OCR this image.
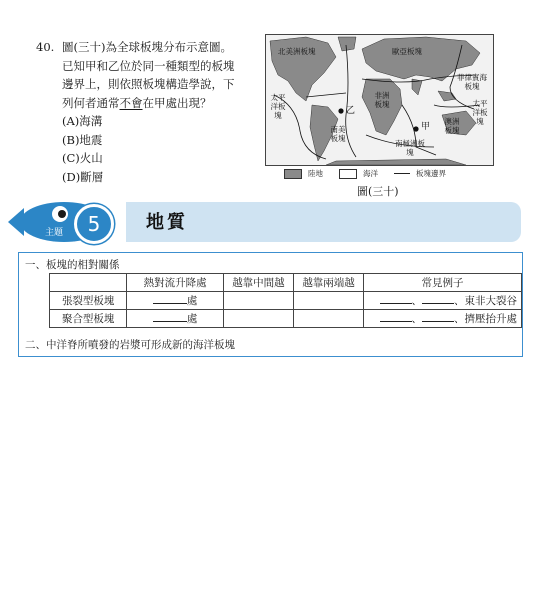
40. 圖(三十)為全球板塊分布示意圖。
已知甲和乙位於同一種類型的板塊
邊界上，則依照板塊構造學說，下
列何者通常不會在甲處出現？
(A)海溝
(B)地震
(C)火山
(D)斷層
北美洲板塊	歐亞板塊
太平洋板塊
非洲板塊
南美板塊
菲律賓海板塊
太平洋板塊
澳洲板塊
南極洲板塊
乙
甲
陸地	海洋	板塊邊界
圖(三十)
5
主題	地質
一、板塊的相對關係
	熱對流升降處	越靠中間越	越靠兩端越	常見例子
張裂型板塊	處			、 、東非大裂谷
聚合型板塊	處			、 、擠壓抬升處
二、中洋脊所噴發的岩漿可形成新的海洋板塊
